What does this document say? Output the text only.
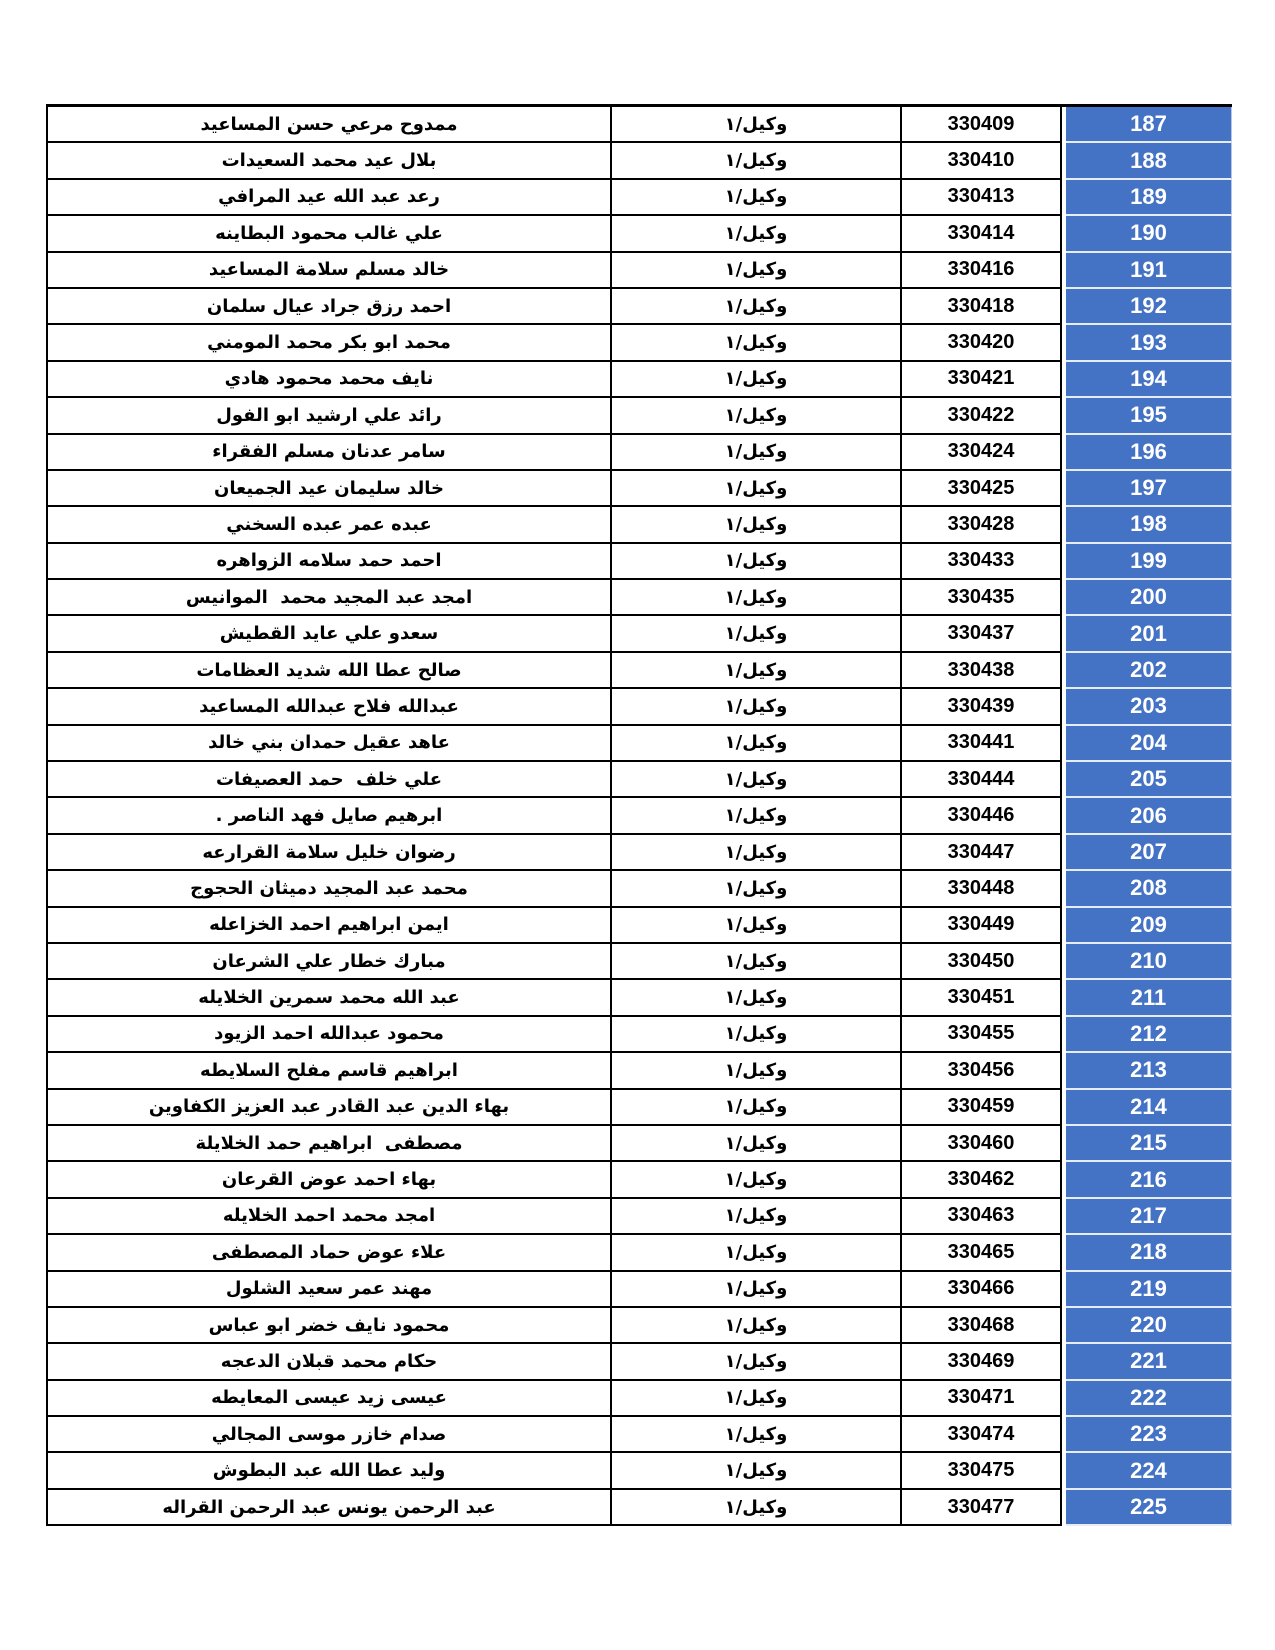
ممدوح مرعي حسن المساعيد	وكيل/١	330409	187
بلال عيد محمد السعيدات	وكيل/١	330410	188
رعد عبد الله عيد المرافي	وكيل/١	330413	189
علي غالب محمود البطاينه	وكيل/١	330414	190
خالد مسلم سلامة المساعيد	وكيل/١	330416	191
احمد رزق جراد عيال سلمان	وكيل/١	330418	192
محمد ابو بكر محمد المومني	وكيل/١	330420	193
نايف محمد محمود هادي	وكيل/١	330421	194
رائد علي ارشيد ابو الفول	وكيل/١	330422	195
سامر عدنان مسلم الفقراء	وكيل/١	330424	196
خالد سليمان عيد الجميعان	وكيل/١	330425	197
عبده عمر عبده السخني	وكيل/١	330428	198
احمد حمد سلامه الزواهره	وكيل/١	330433	199
امجد عبد المجيد محمد  الموانيس	وكيل/١	330435	200
سعدو علي عايد القطيش	وكيل/١	330437	201
صالح عطا الله شديد العظامات	وكيل/١	330438	202
عبدالله فلاح عبدالله المساعيد	وكيل/١	330439	203
عاهد عقيل حمدان بني خالد	وكيل/١	330441	204
علي خلف  حمد العصيفات	وكيل/١	330444	205
ابرهيم صايل فهد الناصر .	وكيل/١	330446	206
رضوان خليل سلامة القرارعه	وكيل/١	330447	207
محمد عبد المجيد دميثان الحجوج	وكيل/١	330448	208
ايمن ابراهيم احمد الخزاعله	وكيل/١	330449	209
مبارك خطار علي الشرعان	وكيل/١	330450	210
عبد الله محمد سمرين الخلايله	وكيل/١	330451	211
محمود عبدالله احمد الزيود	وكيل/١	330455	212
ابراهيم قاسم مفلح السلايطه	وكيل/١	330456	213
بهاء الدين عبد القادر عبد العزيز الكفاوين	وكيل/١	330459	214
مصطفى  ابراهيم حمد الخلايلة	وكيل/١	330460	215
بهاء احمد عوض القرعان	وكيل/١	330462	216
امجد محمد احمد الخلايله	وكيل/١	330463	217
علاء عوض حماد المصطفى	وكيل/١	330465	218
مهند عمر سعيد الشلول	وكيل/١	330466	219
محمود نايف خضر ابو عباس	وكيل/١	330468	220
حكام محمد قبلان الدعجه	وكيل/١	330469	221
عيسى زيد عيسى المعايطه	وكيل/١	330471	222
صدام خازر موسى المجالي	وكيل/١	330474	223
وليد عطا الله عبد البطوش	وكيل/١	330475	224
عبد الرحمن يونس عبد الرحمن القراله	وكيل/١	330477	225
